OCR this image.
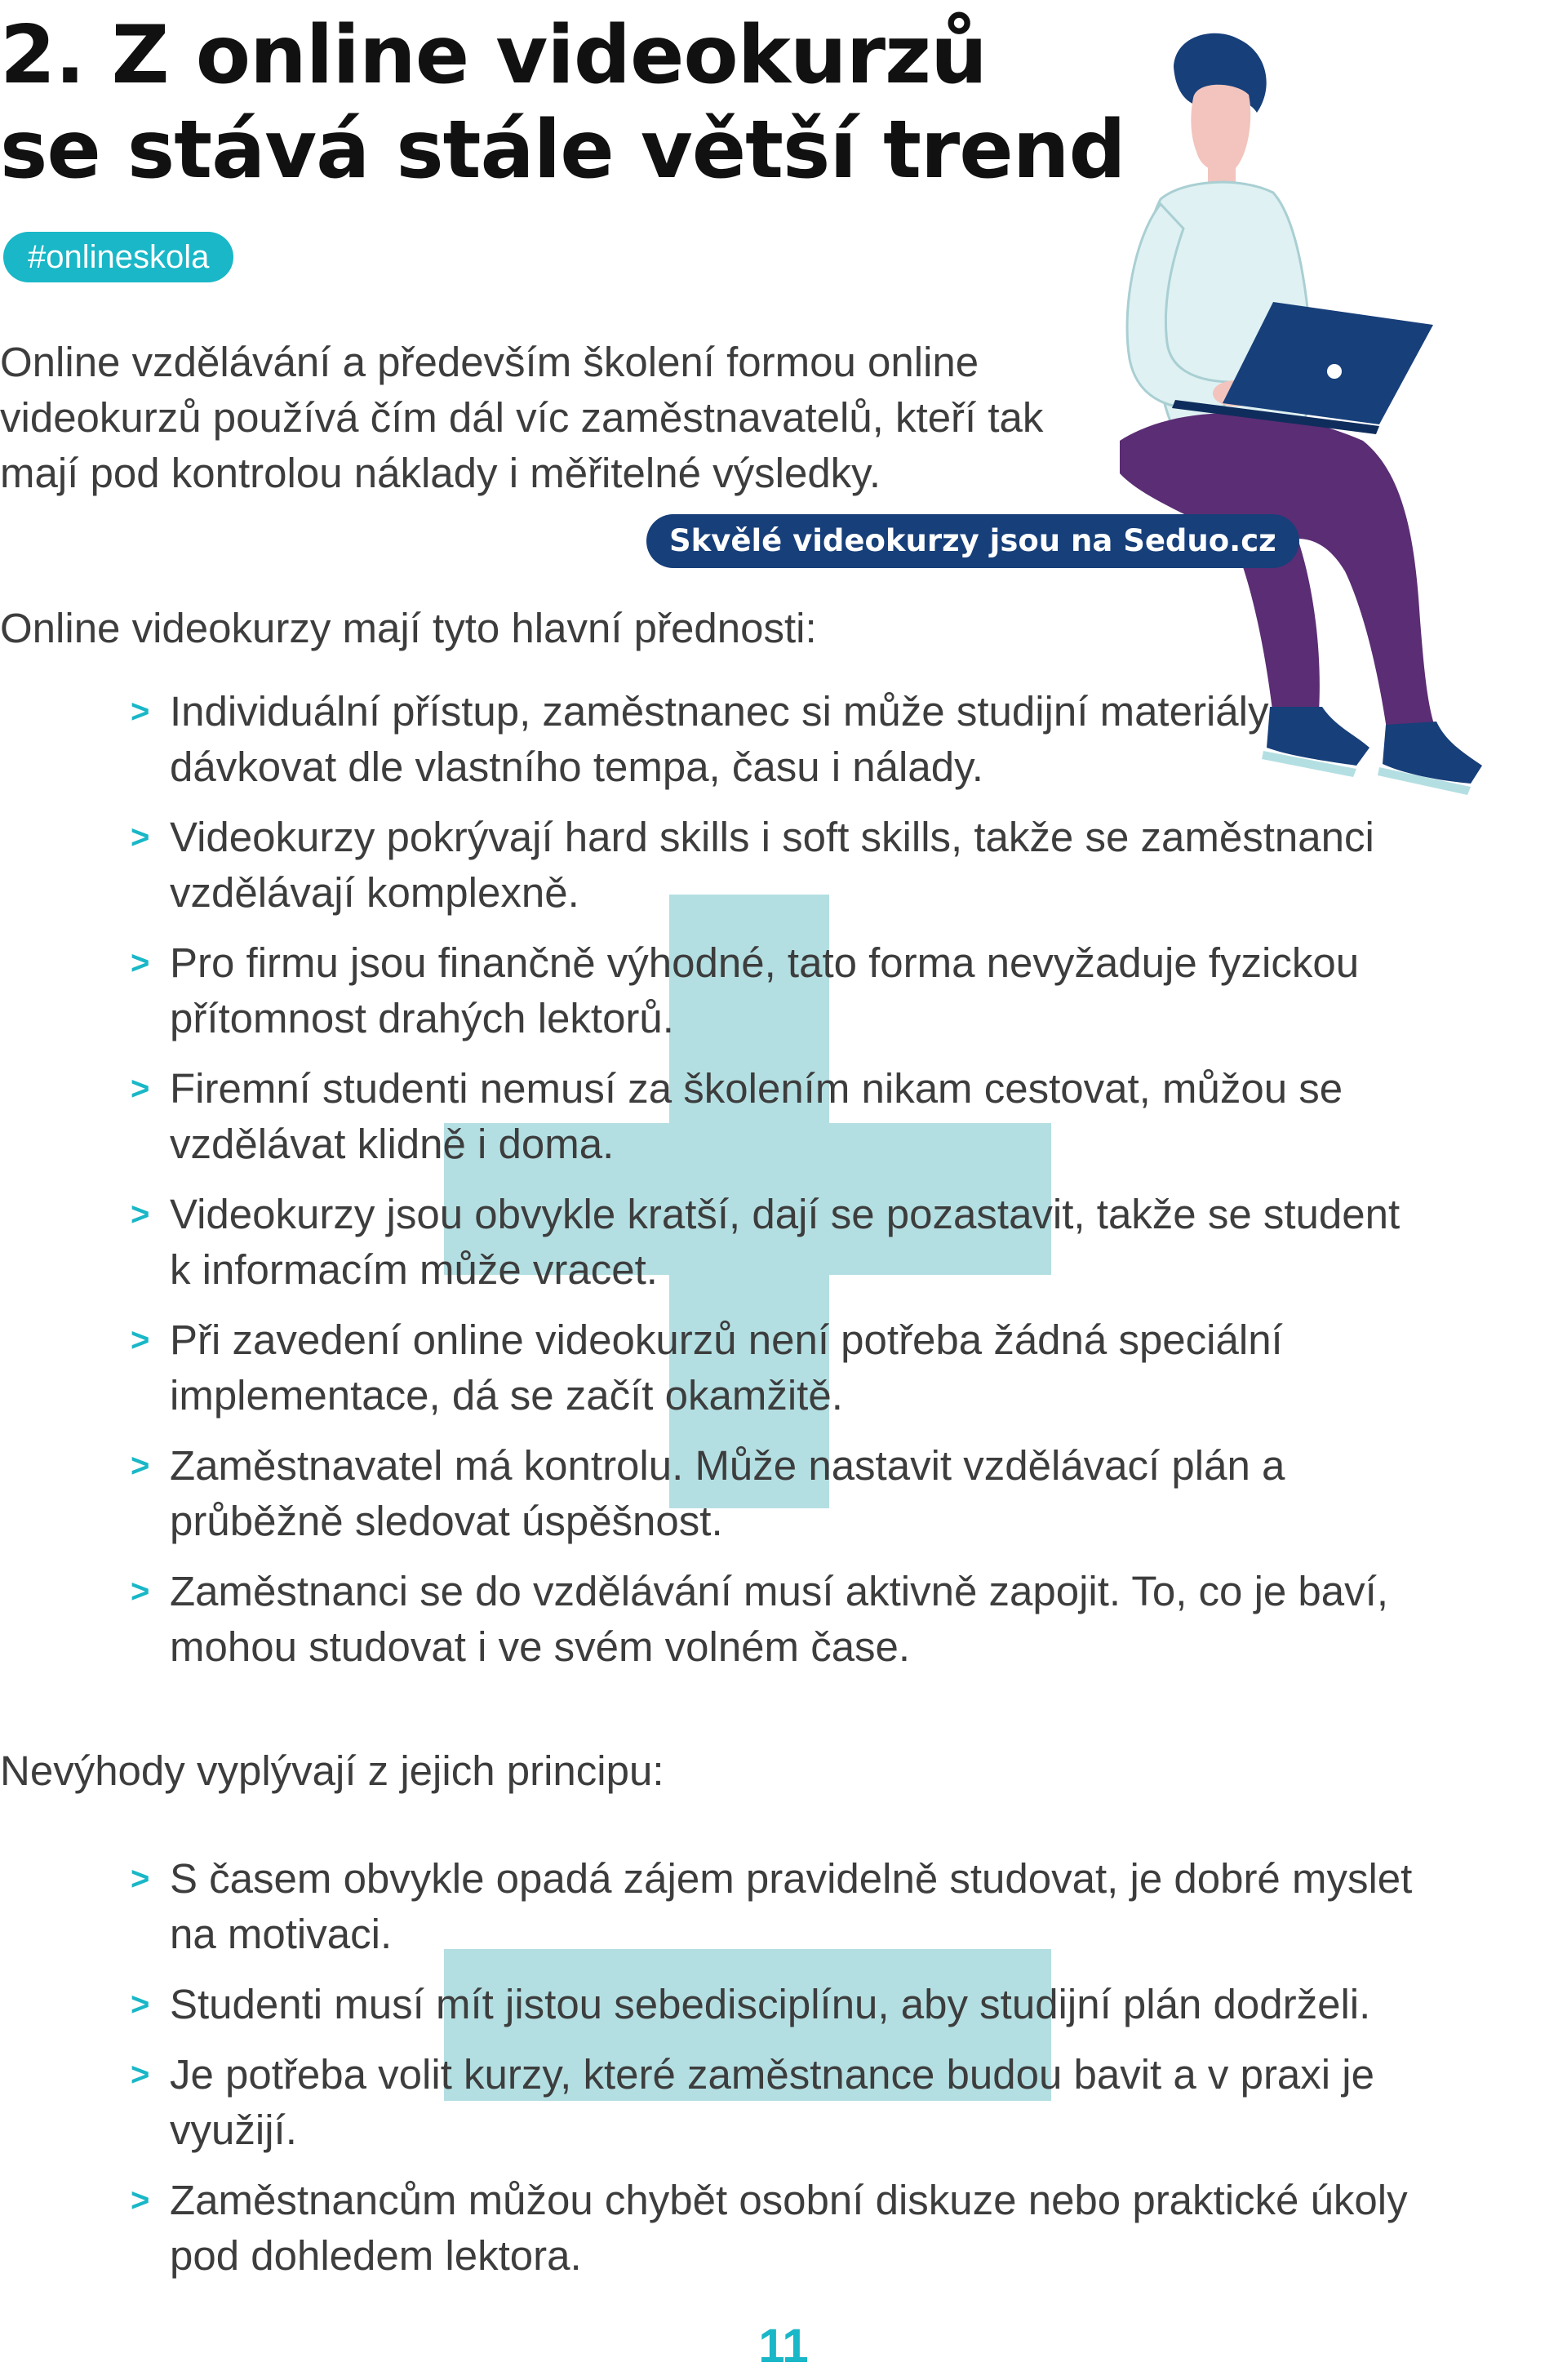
2. Z online videokurzů
se stává stále větší trend
#onlineskola

Online vzdělávání a především školení formou online videokurzů používá čím dál víc zaměstnavatelů, kteří tak mají pod kontrolou náklady i měřitelné výsledky.

Skvělé videokurzy jsou na Seduo.cz

Online videokurzy mají tyto hlavní přednosti:

> Individuální přístup, zaměstnanec si může studijní materiály dávkovat dle vlastního tempa, času i nálady.
> Videokurzy pokrývají hard skills i soft skills, takže se zaměstnanci vzdělávají komplexně.
> Pro firmu jsou finančně výhodné, tato forma nevyžaduje fyzickou přítomnost drahých lektorů.
> Firemní studenti nemusí za školením nikam cestovat, můžou se vzdělávat klidně i doma.
> Videokurzy jsou obvykle kratší, dají se pozastavit, takže se student k informacím může vracet.
> Při zavedení online videokurzů není potřeba žádná speciální implementace, dá se začít okamžitě.
> Zaměstnavatel má kontrolu. Může nastavit vzdělávací plán a průběžně sledovat úspěšnost.
> Zaměstnanci se do vzdělávání musí aktivně zapojit. To, co je baví, mohou studovat i ve svém volném čase.

Nevýhody vyplývají z jejich principu:

> S časem obvykle opadá zájem pravidelně studovat, je dobré myslet na motivaci.
> Studenti musí mít jistou sebedisciplínu, aby studijní plán dodrželi.
> Je potřeba volit kurzy, které zaměstnance budou bavit a v praxi je využijí.
> Zaměstnancům můžou chybět osobní diskuze nebo praktické úkoly pod dohledem lektora.
11
